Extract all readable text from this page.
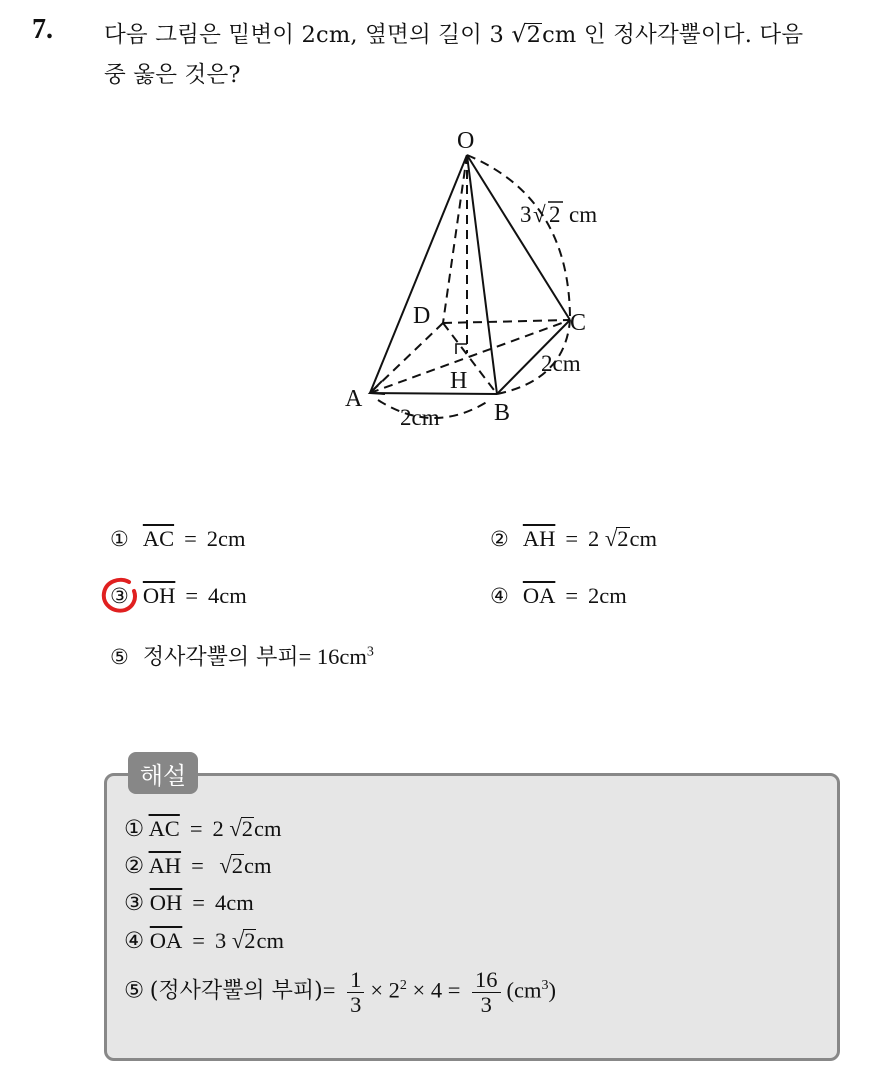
7. 다음 그림은 밑변이 2cm, 옆면의 길이 3 √2cm 인 정사각뿔이다. 다음
중 옳은 것은?
O
A
B
C
D
H
3 √ 2 cm
2cm
2cm
① $\overline{AC} = 2cm$	② $\overline{AH} = 2$ √2cm
③ $\overline{OH} = 4cm$	④ $\overline{OA} = 2cm$
⑤ 정사각뿔의 부피= $16cm^3$
해설
① $\overline{AC} = 2$ √2cm
② $\overline{AH} = √2cm$
③ $\overline{OH} = 4cm$
④ $\overline{OA} = 3$ √2cm
⑤ (정사각뿔의 부피)= $\frac{1}{3} \times 2^2 \times 4 = \frac{16}{3} (cm^3)$
